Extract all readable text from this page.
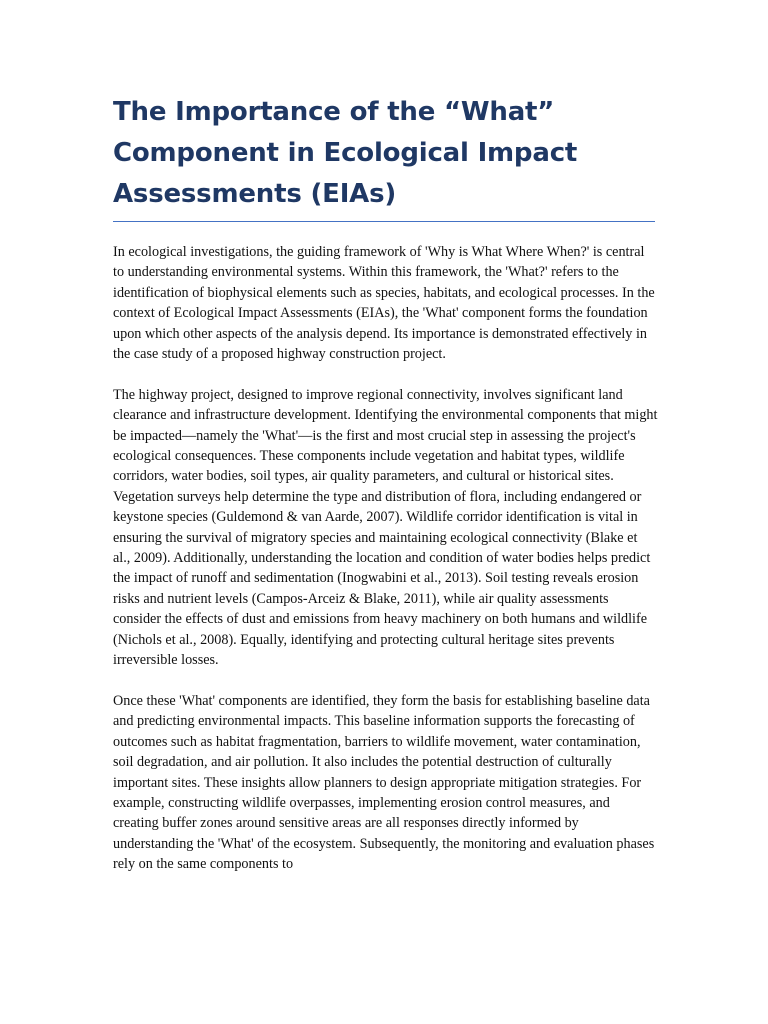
The Importance of the “What” Component in Ecological Impact Assessments (EIAs)

In ecological investigations, the guiding framework of 'Why is What Where When?' is central to understanding environmental systems. Within this framework, the 'What?' refers to the identification of biophysical elements such as species, habitats, and ecological processes. In the context of Ecological Impact Assessments (EIAs), the 'What' component forms the foundation upon which other aspects of the analysis depend. Its importance is demonstrated effectively in the case study of a proposed highway construction project.

The highway project, designed to improve regional connectivity, involves significant land clearance and infrastructure development. Identifying the environmental components that might be impacted—namely the 'What'—is the first and most crucial step in assessing the project's ecological consequences. These components include vegetation and habitat types, wildlife corridors, water bodies, soil types, air quality parameters, and cultural or historical sites. Vegetation surveys help determine the type and distribution of flora, including endangered or keystone species (Guldemond & van Aarde, 2007). Wildlife corridor identification is vital in ensuring the survival of migratory species and maintaining ecological connectivity (Blake et al., 2009). Additionally, understanding the location and condition of water bodies helps predict the impact of runoff and sedimentation (Inogwabini et al., 2013). Soil testing reveals erosion risks and nutrient levels (Campos-Arceiz & Blake, 2011), while air quality assessments consider the effects of dust and emissions from heavy machinery on both humans and wildlife (Nichols et al., 2008). Equally, identifying and protecting cultural heritage sites prevents irreversible losses.

Once these 'What' components are identified, they form the basis for establishing baseline data and predicting environmental impacts. This baseline information supports the forecasting of outcomes such as habitat fragmentation, barriers to wildlife movement, water contamination, soil degradation, and air pollution. It also includes the potential destruction of culturally important sites. These insights allow planners to design appropriate mitigation strategies. For example, constructing wildlife overpasses, implementing erosion control measures, and creating buffer zones around sensitive areas are all responses directly informed by understanding the 'What' of the ecosystem. Subsequently, the monitoring and evaluation phases rely on the same components to
